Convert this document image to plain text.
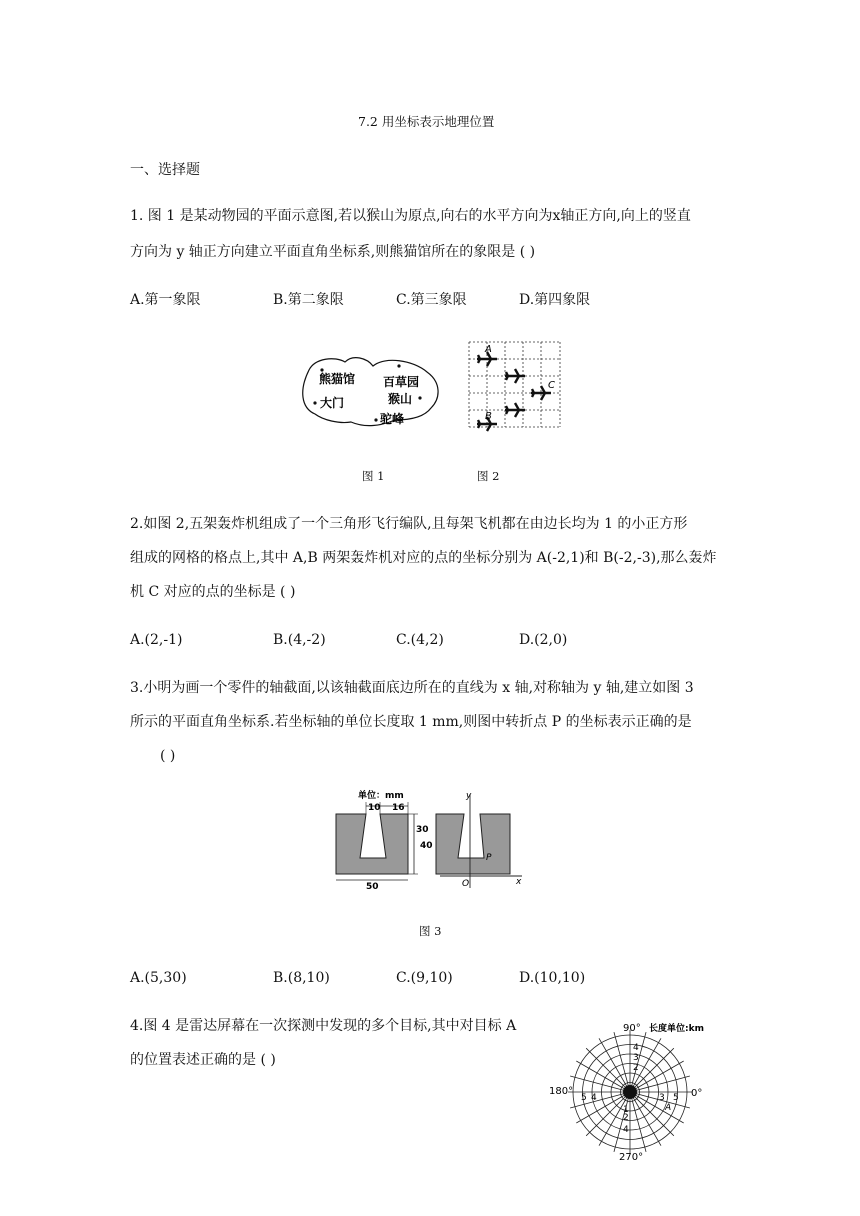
7.2 用坐标表示地理位置
一、选择题
1. 图 1 是某动物园的平面示意图,若以猴山为原点,向右的水平方向为x轴正方向,向上的竖直
方向为 y 轴正方向建立平面直角坐标系,则熊猫馆所在的象限是 ( )
A.第一象限	B.第二象限	C.第三象限	D.第四象限
熊猫馆 百草园
大门	猴山
驼峰
A
B
C
图 1	图 2
2.如图 2,五架轰炸机组成了一个三角形飞行编队,且每架飞机都在由边长均为 1 的小正方形
组成的网格的格点上,其中 A,B 两架轰炸机对应的点的坐标分别为 A(-2,1)和 B(-2,-3),那么轰炸
机 C 对应的点的坐标是 ( )
A.(2,-1)	B.(4,-2)	C.(4,2)	D.(2,0)
3.小明为画一个零件的轴截面,以该轴截面底边所在的直线为 x 轴,对称轴为 y 轴,建立如图 3
所示的平面直角坐标系.若坐标轴的单位长度取 1 mm,则图中转折点 P 的坐标表示正确的是
( )
单位：mm
10 16
30
40
50
y
x
O
P
图 3
A.(5,30)	B.(8,10)	C.(9,10)	D.(10,10)
4.图 4 是雷达屏幕在一次探测中发现的多个目标,其中对目标 A
的位置表述正确的是 ( )
90° 长度单位:km
180°	0°
270°
5 4	3 5
4
3
2
1
2
4
A
